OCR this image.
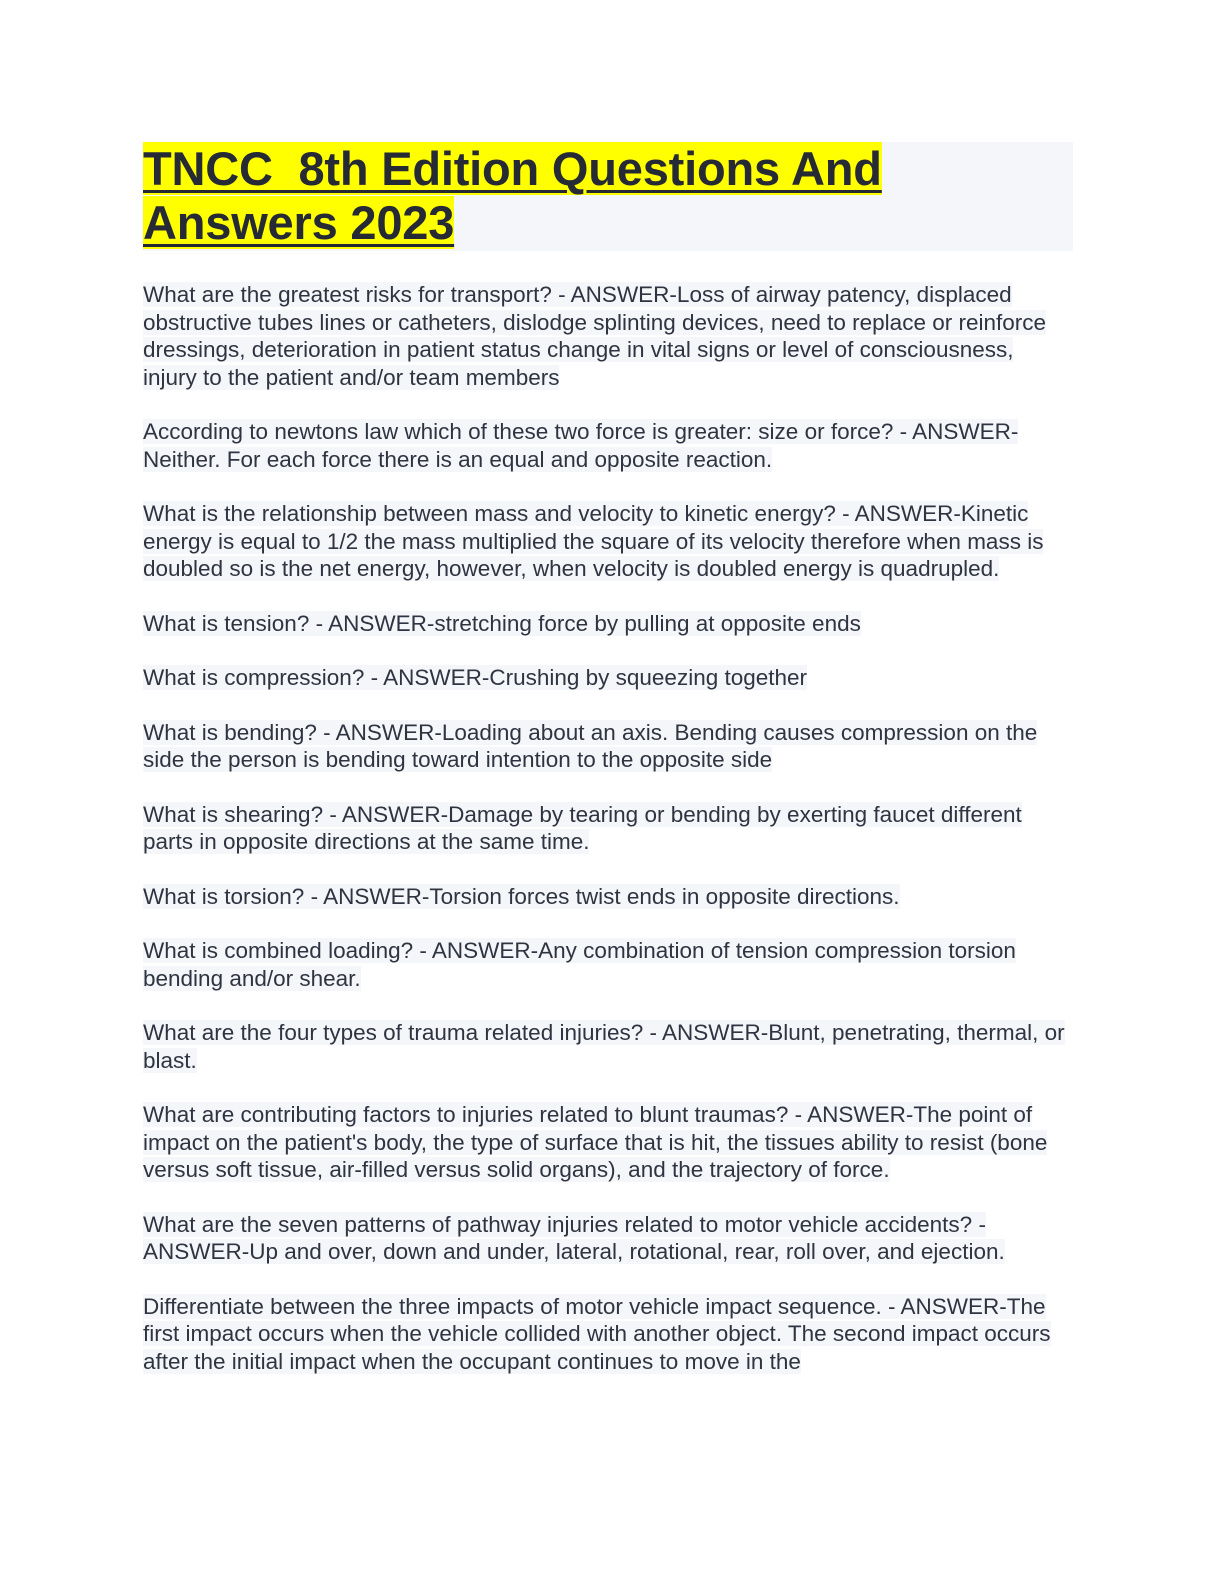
TNCC  8th Edition Questions And
Answers 2023

What are the greatest risks for transport? - ANSWER-Loss of airway patency, displaced obstructive tubes lines or catheters, dislodge splinting devices, need to replace or reinforce dressings, deterioration in patient status change in vital signs or level of consciousness, injury to the patient and/or team members

According to newtons law which of these two force is greater: size or force? - ANSWER-Neither. For each force there is an equal and opposite reaction.

What is the relationship between mass and velocity to kinetic energy? - ANSWER-Kinetic energy is equal to 1/2 the mass multiplied the square of its velocity therefore when mass is doubled so is the net energy, however, when velocity is doubled energy is quadrupled.

What is tension? - ANSWER-stretching force by pulling at opposite ends

What is compression? - ANSWER-Crushing by squeezing together

What is bending? - ANSWER-Loading about an axis. Bending causes compression on the side the person is bending toward intention to the opposite side

What is shearing? - ANSWER-Damage by tearing or bending by exerting faucet different parts in opposite directions at the same time.

What is torsion? - ANSWER-Torsion forces twist ends in opposite directions.

What is combined loading? - ANSWER-Any combination of tension compression torsion bending and/or shear.

What are the four types of trauma related injuries? - ANSWER-Blunt, penetrating, thermal, or blast.

What are contributing factors to injuries related to blunt traumas? - ANSWER-The point of impact on the patient's body, the type of surface that is hit, the tissues ability to resist (bone versus soft tissue, air-filled versus solid organs), and the trajectory of force.

What are the seven patterns of pathway injuries related to motor vehicle accidents? - ANSWER-Up and over, down and under, lateral, rotational, rear, roll over, and ejection.

Differentiate between the three impacts of motor vehicle impact sequence. - ANSWER-The first impact occurs when the vehicle collided with another object. The second impact occurs after the initial impact when the occupant continues to move in the
